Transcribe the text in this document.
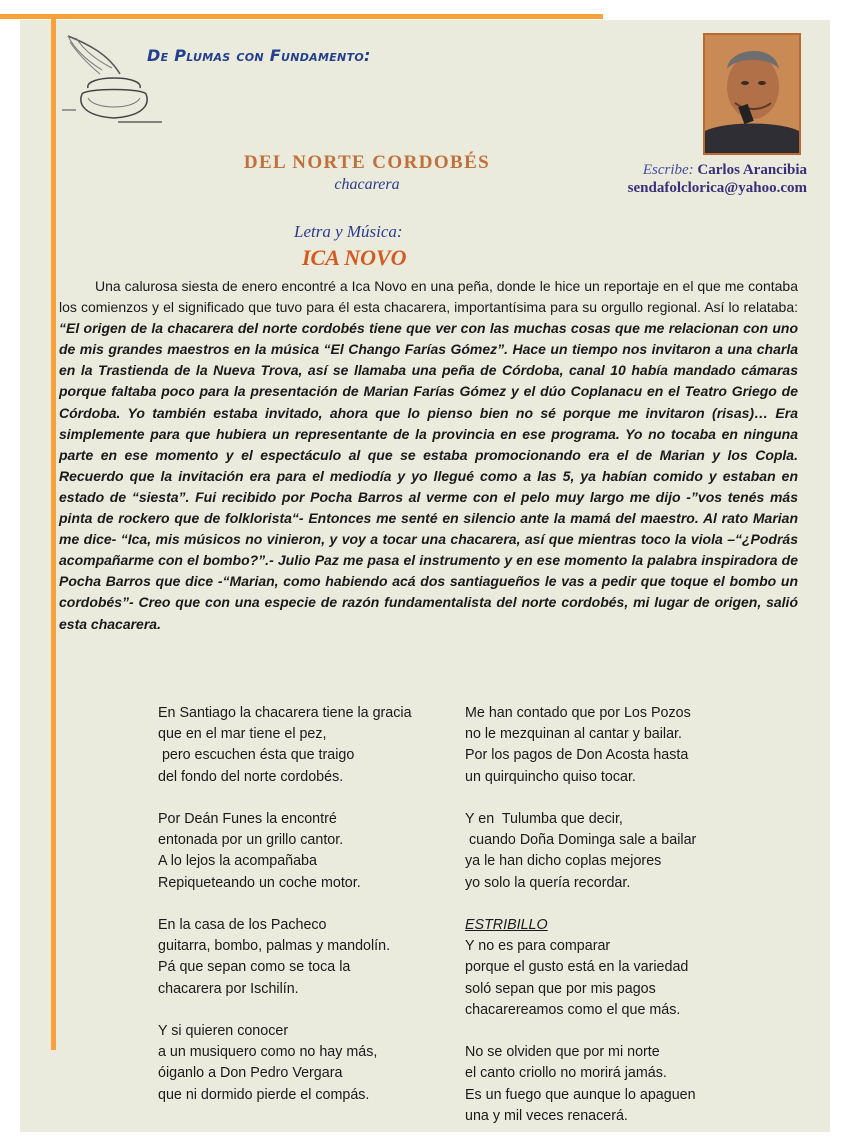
De Plumas con Fundamento:
Escribe: Carlos Arancibia
sendafolclorica@yahoo.com
DEL NORTE CORDOBÉS
chacarera
Letra y Música:
ICA NOVO

Una calurosa siesta de enero encontré a Ica Novo en una peña, donde le hice un reportaje en el que me contaba los comienzos y el significado que tuvo para él esta chacarera, importantísima para su orgullo regional. Así lo relataba: “El origen de la chacarera del norte cordobés tiene que ver con las muchas cosas que me relacionan con uno de mis grandes maestros en la música “El Chango Farías Gómez”. Hace un tiempo nos invitaron a una charla en la Trastienda de la Nueva Trova, así se llamaba una peña de Córdoba, canal 10 había mandado cámaras porque faltaba poco para la presentación de Marian Farías Gómez y el dúo Coplanacu en el Teatro Griego de Córdoba. Yo también estaba invitado, ahora que lo pienso bien no sé porque me invitaron (risas)… Era simplemente para que hubiera un representante de la provincia en ese programa. Yo no tocaba en ninguna parte en ese momento y el espectáculo al que se estaba promocionando era el de Marian y los Copla. Recuerdo que la invitación era para el mediodía y yo llegué como a las 5, ya habían comido y estaban en estado de “siesta”. Fui recibido por Pocha Barros al verme con el pelo muy largo me dijo -”vos tenés más pinta de rockero que de folklorista“- Entonces me senté en silencio ante la mamá del maestro. Al rato Marian me dice- “Ica, mis músicos no vinieron, y voy a tocar una chacarera, así que mientras toco la viola –“¿Podrás acompañarme con el bombo?”.- Julio Paz me pasa el instrumento y en ese momento la palabra inspiradora de Pocha Barros que dice -“Marian, como habiendo acá dos santiagueños le vas a pedir que toque el bombo un cordobés”- Creo que con una especie de razón fundamentalista del norte cordobés, mi lugar de origen, salió esta chacarera.

En Santiago la chacarera tiene la gracia
que en el mar tiene el pez,
pero escuchen ésta que traigo
del fondo del norte cordobés.
Por Deán Funes la encontré
entonada por un grillo cantor.
A lo lejos la acompañaba
Repiqueteando un coche motor.
En la casa de los Pacheco
guitarra, bombo, palmas y mandolín.
Pá que sepan como se toca la
chacarera por Ischilín.
Y si quieren conocer
a un musiquero como no hay más,
óiganlo a Don Pedro Vergara
que ni dormido pierde el compás.
Me han contado que por Los Pozos
no le mezquinan al cantar y bailar.
Por los pagos de Don Acosta hasta
un quirquincho quiso tocar.
Y en  Tulumba que decir,
cuando Doña Dominga sale a bailar
ya le han dicho coplas mejores
yo solo la quería recordar.
ESTRIBILLO
Y no es para comparar
porque el gusto está en la variedad
soló sepan que por mis pagos
chacarereamos como el que más.
No se olviden que por mi norte
el canto criollo no morirá jamás.
Es un fuego que aunque lo apaguen
una y mil veces renacerá.
